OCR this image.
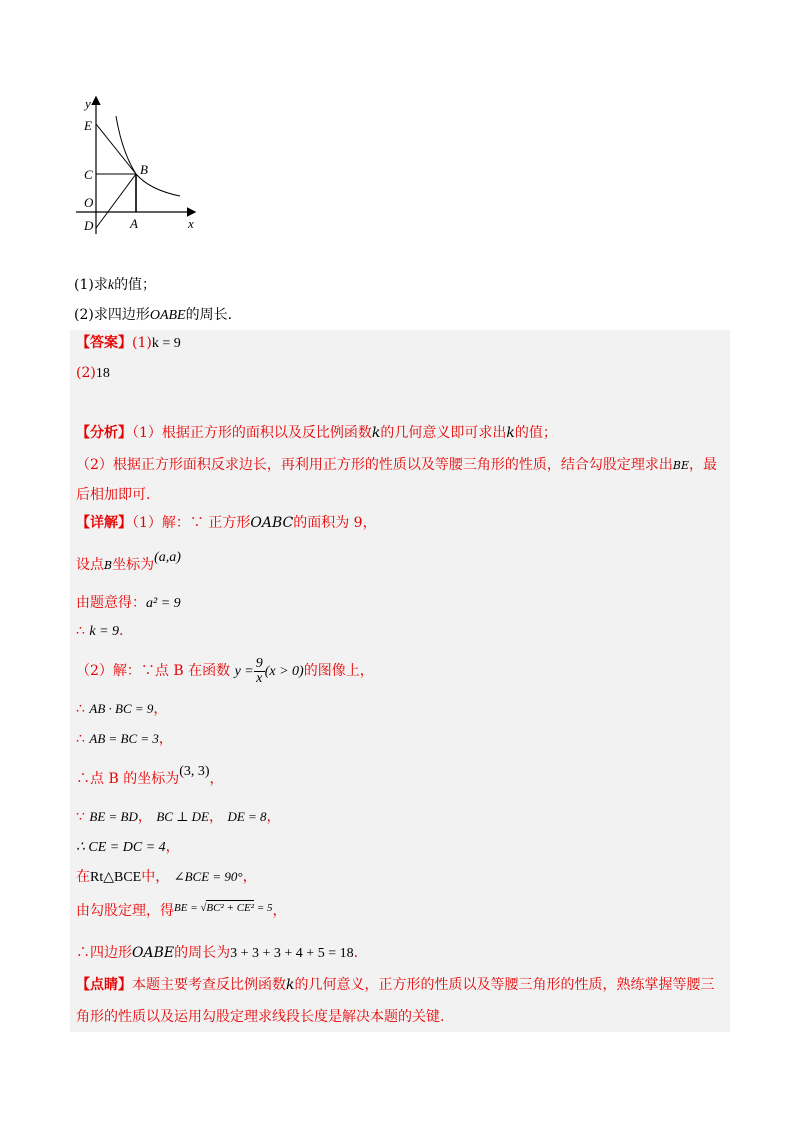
y
x
E
C
O
D	A
B
(1)求k的值；
(2)求四边形OABE的周长.
【答案】(1)k = 9
(2)18
【分析】（1）根据正方形的面积以及反比例函数k的几何意义即可求出k的值；
（2）根据正方形面积反求边长，再利用正方形的性质以及等腰三角形的性质，结合勾股定理求出BE，最
后相加即可.
【详解】（1）解：∵ 正方形OABC的面积为 9，
设点B坐标为(a,a)
由题意得：a² = 9
∴ k = 9.
（2）解：∵点 B 在函数 $y = \frac{9}{x} (x > 0)$的图像上，
∴ AB · BC = 9，
∴ AB = BC = 3，
∴点 B 的坐标为(3, 3)，
∵ BE = BD， BC ⊥ DE， DE = 8，
∴ CE = DC = 4，
在Rt△BCE中， ∠BCE = 90°，
由勾股定理，得$^{BE = √BC^2 + CE^2 = 5}$，
∴四边形OABE的周长为3 + 3 + 3 + 4 + 5 = 18.
【点睛】本题主要考查反比例函数k的几何意义，正方形的性质以及等腰三角形的性质，熟练掌握等腰三
角形的性质以及运用勾股定理求线段长度是解决本题的关键.
